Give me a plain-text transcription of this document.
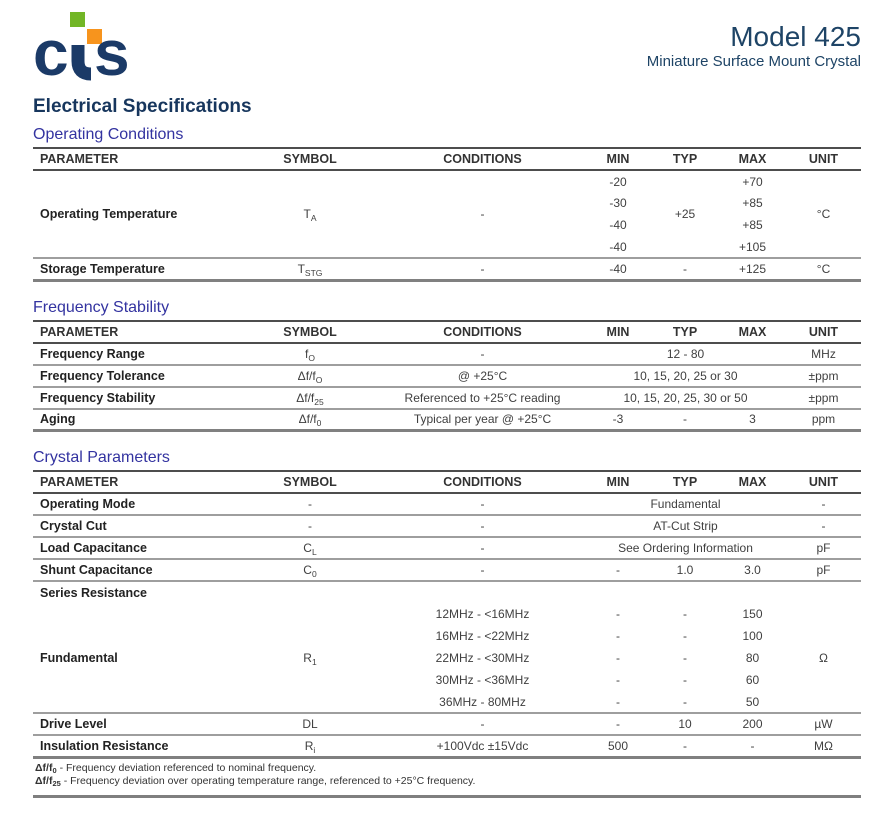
c s	Model 425
Miniature Surface Mount Crystal
Electrical Specifications
Operating Conditions
PARAMETER	SYMBOL	CONDITIONS	MIN	TYP	MAX	UNIT
Operating Temperature	$T_A$	-	-20	+25	+70	°C
			-30		+85	
			-40		+85	
			-40		+105	
Storage Temperature	$T_{STG}$	-	-40	-	+125	°C
Frequency Stability
PARAMETER	SYMBOL	CONDITIONS	MIN	TYP	MAX	UNIT
Frequency Range	$f_O$	-	12 - 80			MHz
Frequency Tolerance	$\Delta f/f_O$	@ +25°C	10, 15, 20, 25 or 30			±ppm
Frequency Stability	$\Delta f/f_{25}$	Referenced to +25°C reading	10, 15, 20, 25, 30 or 50			±ppm
Aging	$\Delta f/f_0$	Typical per year @ +25°C	-3	-	3	ppm
Crystal Parameters
PARAMETER	SYMBOL	CONDITIONS	MIN	TYP	MAX	UNIT
Operating Mode	-	-	Fundamental			-
Crystal Cut	-	-	AT-Cut Strip			-
Load Capacitance	$C_L$	-	See Ordering Information			pF
Shunt Capacitance	$C_0$	-	-	1.0	3.0	pF
Series Resistance						
Fundamental	$R_1$	12MHz - <16MHz	-	-	150	Ω
		16MHz - <22MHz	-	-	100	
		22MHz - <30MHz	-	-	80	
		30MHz - <36MHz	-	-	60	
		36MHz - 80MHz	-	-	50	
Drive Level	DL	-	-	10	200	µW
Insulation Resistance	$R_i$	+100Vdc ±15Vdc	500	-	-	MΩ
Δf/f0 - Frequency deviation referenced to nominal frequency.
Δf/f25 - Frequency deviation over operating temperature range, referenced to +25°C frequency.
